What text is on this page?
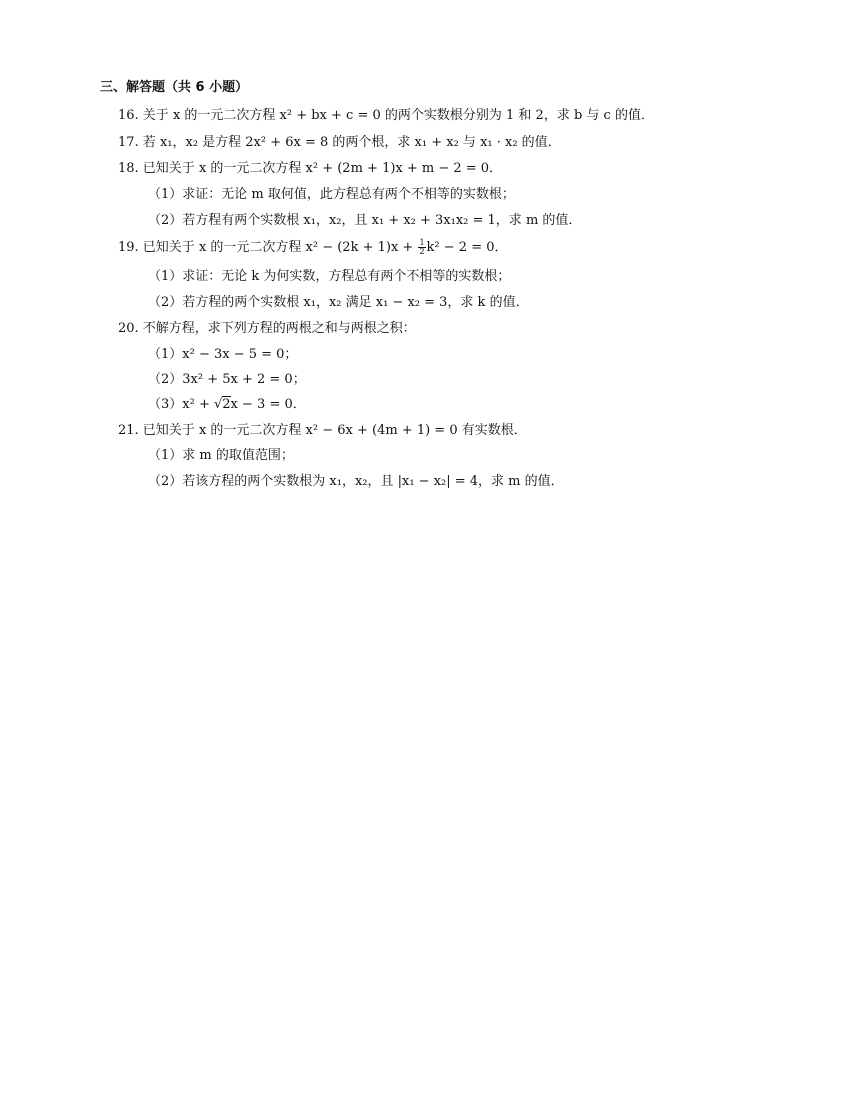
三、解答题（共 6 小题）
16. 关于 x 的一元二次方程 x² + bx + c = 0 的两个实数根分别为 1 和 2，求 b 与 c 的值．
17. 若 x₁，x₂ 是方程 2x² + 6x = 8 的两个根，求 x₁ + x₂ 与 x₁ · x₂ 的值．
18. 已知关于 x 的一元二次方程 x² + (2m + 1)x + m − 2 = 0．
（1）求证：无论 m 取何值，此方程总有两个不相等的实数根；
（2）若方程有两个实数根 x₁，x₂，且 x₁ + x₂ + 3x₁x₂ = 1，求 m 的值．
19. 已知关于 x 的一元二次方程 $x^2 - (2k + 1)x + \frac{1}{2} k^2 - 2 = 0$．
（1）求证：无论 k 为何实数，方程总有两个不相等的实数根；
（2）若方程的两个实数根 x₁，x₂ 满足 x₁ − x₂ = 3，求 k 的值．
20. 不解方程，求下列方程的两根之和与两根之积：
（1）x² − 3x − 5 = 0；
（2）3x² + 5x + 2 = 0；
（3）x² + √2x − 3 = 0．
21. 已知关于 x 的一元二次方程 x² − 6x + (4m + 1) = 0 有实数根．
（1）求 m 的取值范围；
（2）若该方程的两个实数根为 x₁，x₂，且 |x₁ − x₂| = 4，求 m 的值．
